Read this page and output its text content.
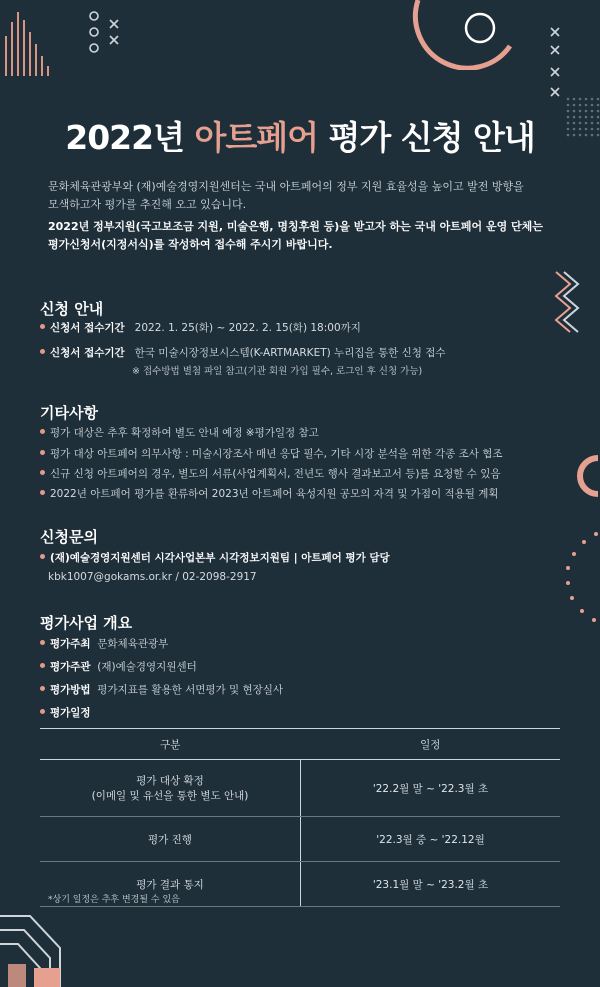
2022년 아트페어 평가 신청 안내
문화체육관광부와 (재)예술경영지원센터는 국내 아트페어의 정부 지원 효율성을 높이고 발전 방향을
모색하고자 평가를 추진해 오고 있습니다.
2022년 정부지원(국고보조금 지원, 미술은행, 명칭후원 등)을 받고자 하는 국내 아트페어 운영 단체는
평가신청서(지정서식)를 작성하여 접수해 주시기 바랍니다.
신청 안내
신청서 접수기간 2022. 1. 25(화) ~ 2022. 2. 15(화) 18:00까지
신청서 접수기간 한국 미술시장정보시스템(K-ARTMARKET) 누리집을 통한 신청 접수
※ 접수방법 별첨 파일 참고(기관 회원 가입 필수, 로그인 후 신청 가능)
기타사항
평가 대상은 추후 확정하여 별도 안내 예정 ※평가일정 참고
평가 대상 아트페어 의무사항 : 미술시장조사 매년 응답 필수, 기타 시장 분석을 위한 각종 조사 협조
신규 신청 아트페어의 경우, 별도의 서류(사업계획서, 전년도 행사 결과보고서 등)를 요청할 수 있음
2022년 아트페어 평가를 환류하여 2023년 아트페어 육성지원 공모의 자격 및 가점이 적용될 계획
신청문의
(재)예술경영지원센터 시각사업본부 시각정보지원팀 | 아트페어 평가 담당
kbk1007@gokams.or.kr / 02-2098-2917
평가사업 개요
평가주최 문화체육관광부
평가주관 (재)예술경영지원센터
평가방법 평가지표를 활용한 서면평가 및 현장실사
평가일정
구분	일정

평가 대상 확정
(이메일 및 유선을 통한 별도 안내)	'22.2월 말 ~ '22.3월 초
평가 진행	'22.3월 중 ~ '22.12월
평가 결과 통지	'23.1월 말 ~ '23.2월 초
*상기 일정은 추후 변경될 수 있음
